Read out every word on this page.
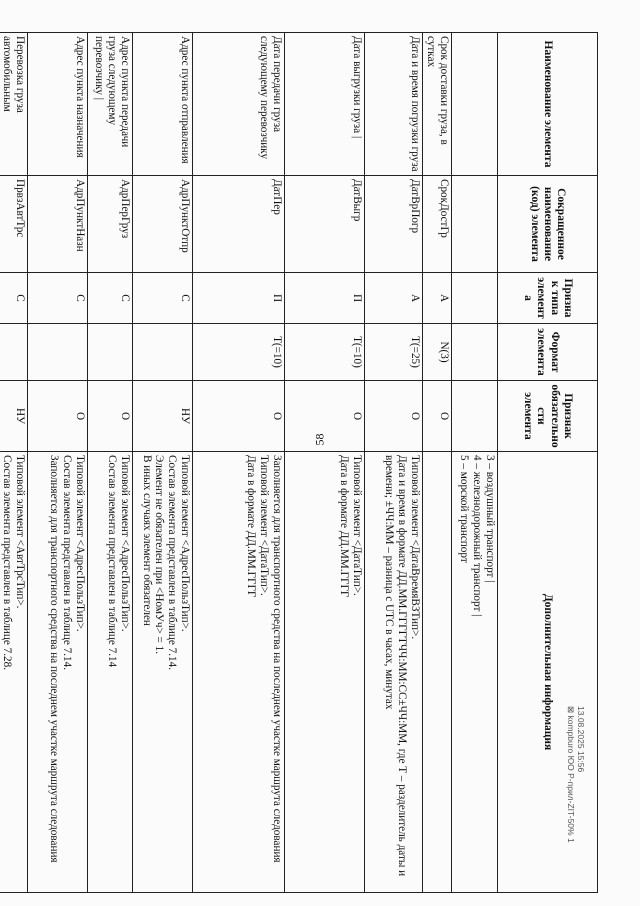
58
Наименование элемента	Сокращенное наименование (код) элемента	Признак типа элемента	Формат элемента	Признак обязательности элемента	Дополнительная информация

					3 – воздушный транспорт |
4 – железнодорожный транспорт |
5 – морской транспорт

Срок доставки груза, в сутках	СрокДостГр	А	N(3)	О	
Дата и время погрузки груза	ДатВрПогр	А	T(=25)	О	Типовой элемент <ДатаВремяВЗТип>.
Дата и время в формате ДД.ММ.ГГГГТЧЧ:ММ:СС±ЧЧ:ММ, где Т – разделитель даты и времени; ±ЧЧ:ММ – разница с UTC в часах, минутах

Дата выгрузки груза |	ДатВыгр	П	T(=10)	О	Типовой элемент <ДатаТип>.
Дата в формате ДД.ММ.ГГГГ

Дата передачи груза следующему перевозчику	ДатПер	П	T(=10)	О	Заполняется для транспортного средства на последнем участке маршрута следования
Типовой элемент <ДатаТип>.
Дата в формате ДД.ММ.ГГГГ

Адрес пункта отправления	АдрПунктОтпр	С		НУ	Типовой элемент <АдресПользТип>.
Состав элемента представлен в таблице 7.14.
Элемент не обязателен при <НомУч> = 1.
В иных случаях элемент обязателен

Адрес пункта передачи груза следующему перевозчику |	АдрПерГруз	С		О	Типовой элемент <АдресПользТип>.
Состав элемента представлен в таблице 7.14

Адрес пункта назначения	АдрПунктНазн	С		О	Типовой элемент <АдресПользТип>.
Состав элемента представлен в таблице 7.14.
Заполняется для транспортного средства на последнем участке маршрута следования

Перевозка груза автомобильным	ПрвзАвтТрс	С		НУ	Типовой элемент <АвтТрсТип>.
Состав элемента представлен в таблице 7.28.

13.08.2025 15:56
⊠ kompburo ЮО Р-прил-ZIT-50% 1
